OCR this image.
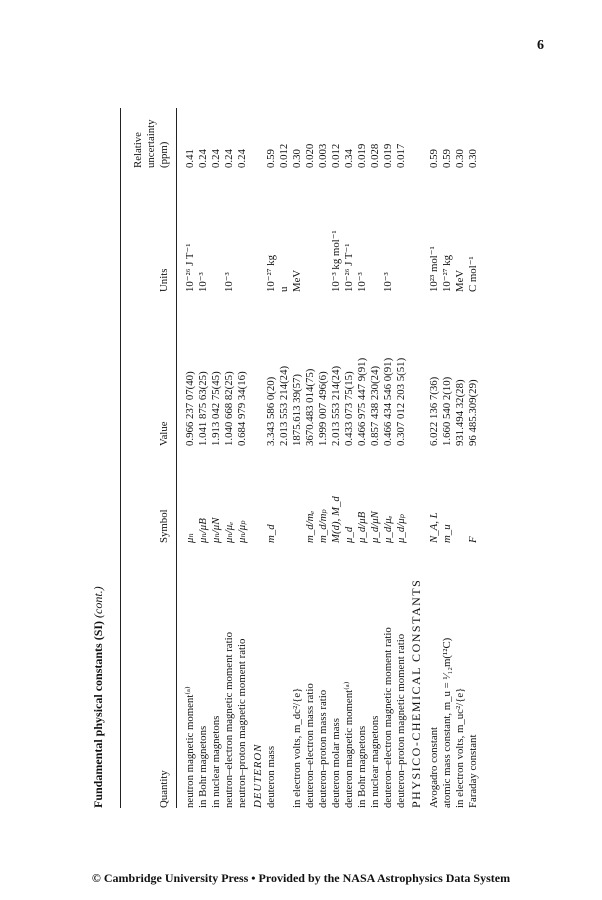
6
Fundamental physical constants (SI) (cont.)
Relative uncertainty (ppm)
Quantity
Symbol
Value
Units
neutron magnetic moment⁽ᵃ⁾
μₙ
0.966 237 07(40)
10⁻²⁶ J T⁻¹
0.41
in Bohr magnetons
μₙ/μB
1.041 875 63(25)
10⁻³
0.24
in nuclear magnetons
μₙ/μN
1.913 042 75(45)
0.24
neutron–electron magnetic moment ratio
μₙ/μₑ
1.040 668 82(25)
10⁻³
0.24
neutron–proton magnetic moment ratio
μₙ/μₚ
0.684 979 34(16)
0.24
DEUTERON deuteron mass
m_d
3.343 586 0(20)
10⁻²⁷ kg
0.59
2.013 553 214(24)
u
0.012
in electron volts, m_dc²/{e}
1875.613 39(57)
MeV
0.30
deuteron–electron mass ratio
m_d/mₑ
3670.483 014(75)
0.020
deuteron–proton mass ratio
m_d/mₚ
1.999 007 496(6)
0.003
deuteron molar mass
M(d), M_d
2.013 553 214(24)
10⁻³ kg mol⁻¹
0.012
deuteron magnetic moment⁽ᵃ⁾
μ_d
0.433 073 75(15)
10⁻²⁶ J T⁻¹
0.34
in Bohr magnetons
μ_d/μB
0.466 975 447 9(91)
10⁻³
0.019
in nuclear magnetons
μ_d/μN
0.857 438 230(24)
0.028
deuteron–electron magnetic moment ratio
μ_d/μₑ
0.466 434 546 0(91)
10⁻³
0.019
deuteron–proton magnetic moment ratio
μ_d/μₚ
0.307 012 203 5(51)
0.017
PHYSICO-CHEMICAL CONSTANTS Avogadro constant
N_A, L
6.022 136 7(36)
10²³ mol⁻¹
0.59
atomic mass constant, m_u = ¹⁄₁₂m(¹²C)
m_u
1.660 540 2(10)
10⁻²⁷ kg
0.59
in electron volts, m_uc²/{e}
931.494 32(28)
MeV
0.30
Faraday constant
F
96 485.309(29)
C mol⁻¹
0.30
© Cambridge University Press • Provided by the NASA Astrophysics Data System
